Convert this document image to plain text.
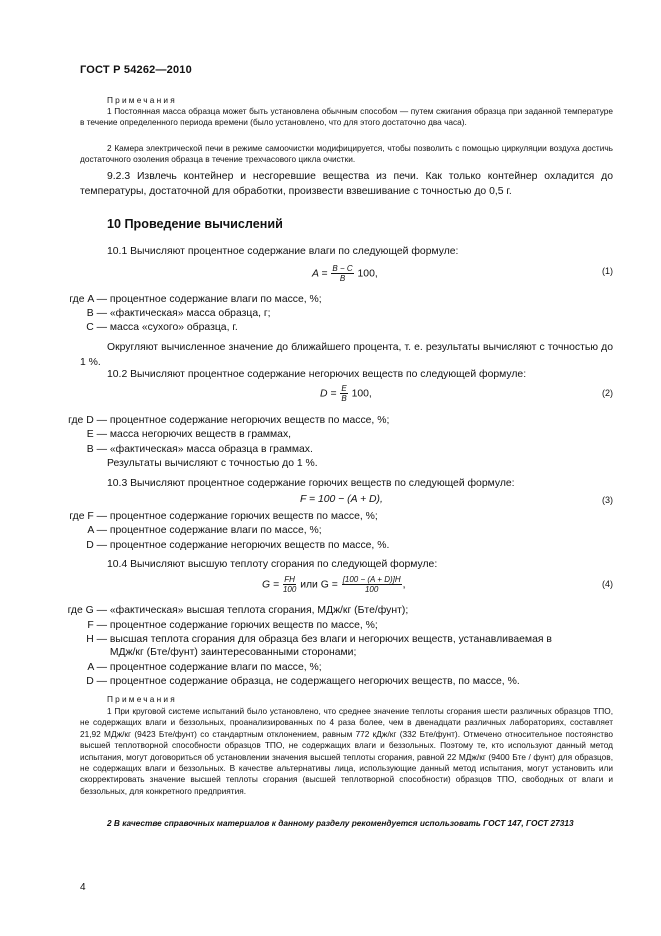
ГОСТ Р 54262—2010
Примечания
1 Постоянная масса образца может быть установлена обычным способом — путем сжигания образца при заданной температуре в течение определенного периода времени (было установлено, что для этого достаточно два часа).
2 Камера электрической печи в режиме самоочистки модифицируется, чтобы позволить с помощью циркуляции воздуха достичь достаточного озоления образца в течение трехчасового цикла очистки.
9.2.3 Извлечь контейнер и несгоревшие вещества из печи. Как только контейнер охладится до температуры, достаточной для обработки, произвести взвешивание с точностью до 0,5 г.
10 Проведение вычислений
10.1 Вычисляют процентное содержание влаги по следующей формуле:
$A = \frac{B - C}{B} 100$,	(1)
где A — процентное содержание влаги по массе, %;
B — «фактическая» масса образца, г;
C — масса «сухого» образца, г.
Округляют вычисленное значение до ближайшего процента, т. е. результаты вычисляют с точностью до 1 %.
10.2 Вычисляют процентное содержание негорючих веществ по следующей формуле:
$D = \frac{E}{B} 100$,	(2)
где D — процентное содержание негорючих веществ по массе, %;
E — масса негорючих веществ в граммах,
B — «фактическая» масса образца в граммах.
Результаты вычисляют с точностью до 1 %.
10.3 Вычисляют процентное содержание горючих веществ по следующей формуле:
F = 100 − (A + D),	(3)
где F — процентное содержание горючих веществ по массе, %;
A — процентное содержание влаги по массе, %;
D — процентное содержание негорючих веществ по массе, %.
10.4 Вычисляют высшую теплоту сгорания по следующей формуле:
$G = \frac{FH}{100}$ или $G = \frac{[100 - (A + D)]H}{100}$ ,	(4)
где G — «фактическая» высшая теплота сгорания, МДж/кг (Бте/фунт);
F — процентное содержание горючих веществ по массе, %;
H — высшая теплота сгорания для образца без влаги и негорючих веществ, устанавливаемая в
МДж/кг (Бте/фунт) заинтересованными сторонами;
A — процентное содержание влаги по массе, %;
D — процентное содержание образца, не содержащего негорючих веществ, по массе, %.
Примечания
1 При круговой системе испытаний было установлено, что среднее значение теплоты сгорания шести различных образцов ТПО, не содержащих влаги и беззольных, проанализированных по 4 раза более, чем в двенадцати различных лабораториях, составляет 21,92 МДж/кг (9423 Бте/фунт) со стандартным отклонением, равным 772 кДж/кг (332 Бте/фунт). Отмечено относительное постоянство высшей теплотворной способности образцов ТПО, не содержащих влаги и беззольных. Поэтому те, кто используют данный метод испытания, могут договориться об установлении значения высшей теплоты сгорания, равной 22 МДж/кг (9400 Бте / фунт) для образцов, не содержащих влаги и беззольных. В качестве альтернативы лица, использующие данный метод испытания, могут установить или скорректировать значение высшей теплоты сгорания (высшей теплотворной способности) образцов ТПО, свободных от влаги и беззольных, для конкретного предприятия.
2 В качестве справочных материалов к данному разделу рекомендуется использовать ГОСТ 147, ГОСТ 27313
4
